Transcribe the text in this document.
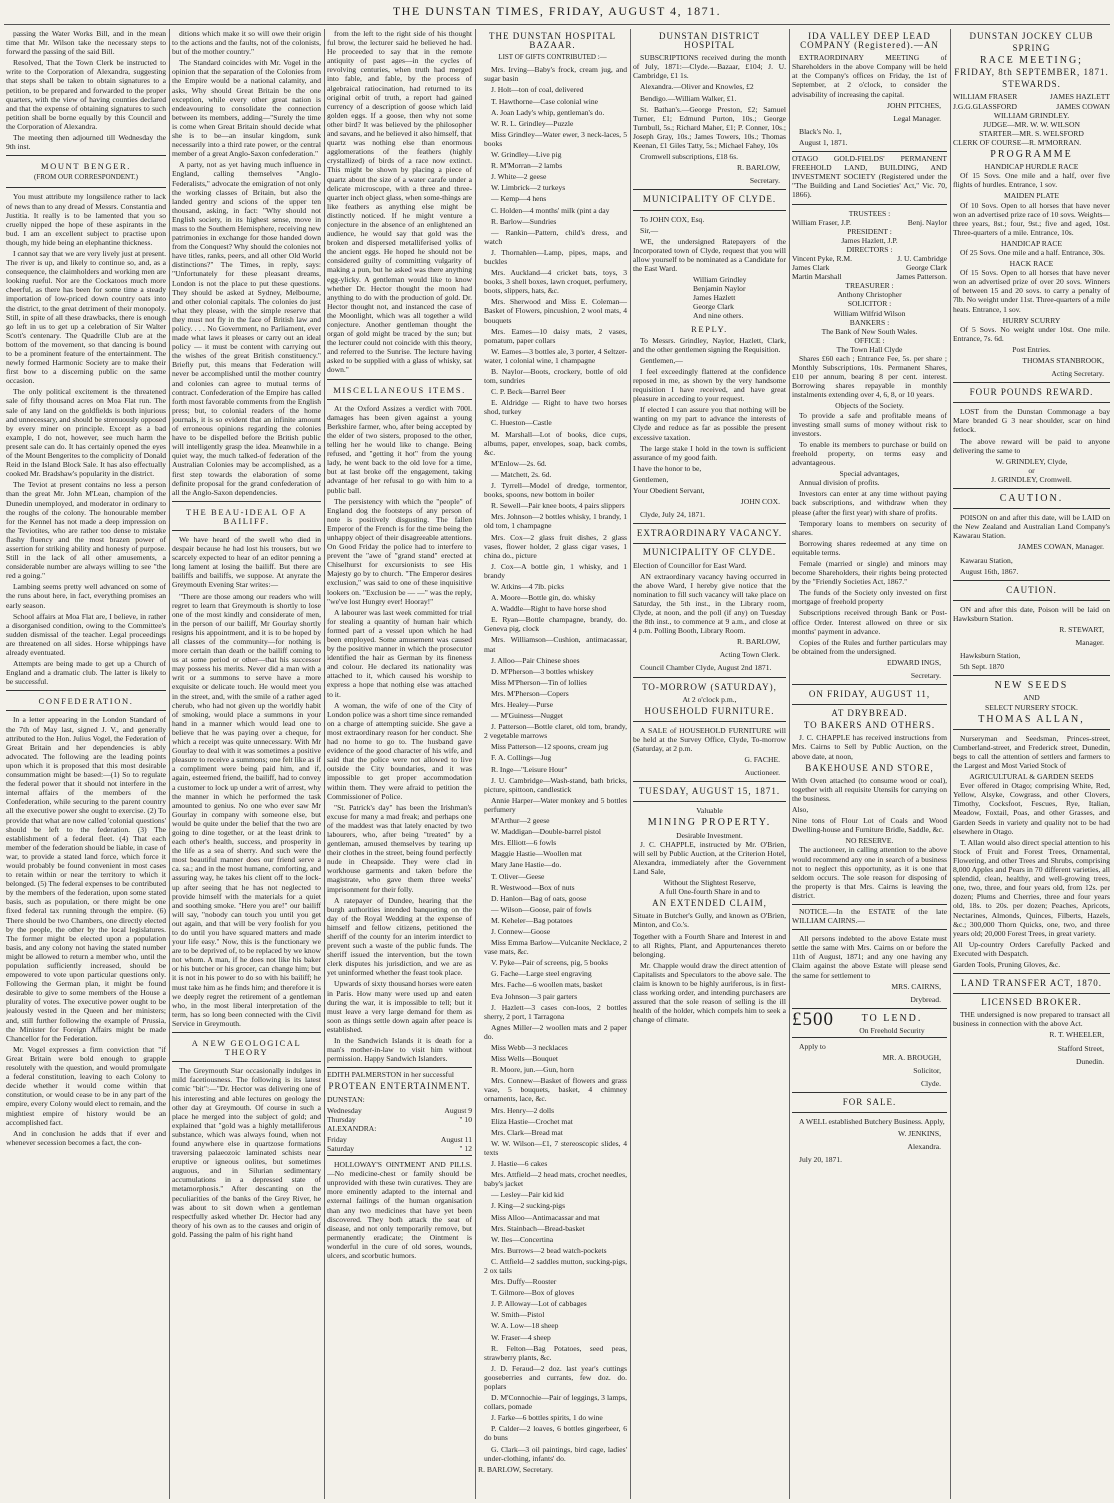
THE DUNSTAN TIMES, FRIDAY, AUGUST 4, 1871.

passing the Water Works Bill, and in the mean time that Mr. Wilson take the necessary steps to forward the passing of the said Bill.

Resolved, That the Town Clerk be instructed to write to the Corporation of Alexandra, suggesting that steps shall be taken to obtain signatures to a petition, to be prepared and forwarded to the proper quarters, with the view of having counties declared and that the expense of obtaining signatures to such petition shall be borne equally by this Council and the Corporation of Alexandra.

The meeting then adjourned till Wednesday the 9th inst.

MOUNT BENGER.
(FROM OUR CORRESPONDENT.)

You must attribute my longsilence rather to lack of news than to any dread of Messrs. Constantia and Justitia. It really is to be lamented that you so cruelly nipped the hope of these aspirants in the bud. I am an excellent subject to practise upon though, my hide being an elephantine thickness.

I cannot say that we are very lively just at present. The river is up, and likely to continue so, and, as a consequence, the claimholders and working men are looking rueful. Nor are the Cockatoos much more cheerful, as there has been for some time a steady importation of low-priced down country oats into the district, to the great detriment of their monopoly. Still, in spite of all these drawbacks, there is enough go left in us to get up a celebration of Sir Walter Scott's centenary. The Quadrille Club are at the bottom of the movement, so that dancing is bound to be a prominent feature of the entertainment. The newly formed Harmonic Society are to make their first bow to a discerning public on the same occasion.

The only political excitement is the threatened sale of fifty thousand acres on Moa Flat run. The sale of any land on the goldfields is both injurious and unnecessary, and should be strenuously opposed by every miner on principle. Except as a bad example, I do not, however, see much harm the present sale can do. It has certainly opened the eyes of the Mount Bengerites to the complicity of Donald Reid in the Island Block Sale. It has also effectually cooked Mr. Bradshaw's popularity in the district.

The Teviot at present contains no less a person than the great Mr. John M'Lean, champion of the Dunedin unemployed, and moderator in ordinary to the roughs of the colony. The honourable member for the Kennel has not made a deep impression on the Teviotites, who are rather too dense to mistake flashy fluency and the most brazen power of assertion for striking ability and honesty of purpose. Still in the lack of all other amusements, a considerable number are always willing to see "the red a going."

Lambing seems pretty well advanced on some of the runs about here, in fact, everything promises an early season.

School affairs at Moa Flat are, I believe, in rather a disorganised condition, owing to the Committee's sudden dismissal of the teacher. Legal proceedings are threatened on all sides. Horse whippings have already eventuated.

Attempts are being made to get up a Church of England and a dramatic club. The latter is likely to be successful.

CONFEDERATION.

In a letter appearing in the London Standard of the 7th of May last, signed J. V., and generally attributed to the Hon. Julius Vogel, the Federation of Great Britain and her dependencies is ably advocated. The following are the leading points upon which it is proposed that this most desirable consummation might be based:—(1) So to regulate the federal power that it should not interfere in the internal affairs of the members of the Confederation, while securing to the parent country all the executive power she ought to exercise. (2) To provide that what are now called 'colonial questions' should be left to the federation. (3) The establishment of a federal fleet. (4) That each member of the federation should be liable, in case of war, to provide a stated land force, which force it would probably be found convenient in most cases to retain within or near the territory to which it belonged. (5) The federal expenses to be contributed by the members of the federation, upon some stated basis, such as population, or there might be one fixed federal tax running through the empire. (6) There should be two Chambers, one directly elected by the people, the other by the local legislatures. The former might be elected upon a population basis, and any colony not having the stated number might be allowed to return a member who, until the population sufficiently increased, should be empowered to vote upon particular questions only. Following the German plan, it might be found desirable to give to some members of the House a plurality of votes. The executive power ought to be jealously vested in the Queen and her ministers; and, still further following the example of Prussia, the Minister for Foreign Affairs might be made Chancellor for the Federation.

Mr. Vogel expresses a firm conviction that "if Great Britain were bold enough to grapple resolutely with the question, and would promulgate a federal constitution, leaving to each Colony to decide whether it would come within that constitution, or would cease to be in any part of the empire, every Colony would elect to remain, and the mightiest empire of history would be an accomplished fact.

And in conclusion he adds that if ever and whenever secession becomes a fact, the con-

ditions which make it so will owe their origin to the actions and the faults, not of the colonists, but of the mother country."

The Standard coincides with Mr. Vogel in the opinion that the separation of the Colonies from the Empire would be a national calamity, and asks, Why should Great Britain be the one exception, while every other great nation is endeavouring to consolidate the connection between its members, adding—"Surely the time is come when Great Britain should decide what she is to be—an insular kingdom, sunk necessarily into a third rate power, or the central member of a great Anglo-Saxon confederation."

A party, not as yet having much influence in England, calling themselves "Anglo-Federalists," advocate the emigration of not only the working classes of Britain, but also the landed gentry and scions of the upper ten thousand, asking, in fact: "Why should not English society, in its highest sense, move in mass to the Southern Hemisphere, receiving new patrimonies in exchange for those handed down from the Conquest? Why should the colonies not have titles, ranks, peers, and all other Old World distinctions?" The Times, in reply, says: "Unfortunately for these pleasant dreams, London is not the place to put these questions. They should be asked at Sydney, Melbourne, and other colonial capitals. The colonies do just what they please, with the simple reserve that they must not fly in the face of British law and policy. . . . No Government, no Parliament, ever made what laws it pleases or carry out an ideal policy — it must be content with carrying out the wishes of the great British constituency." Briefly put, this means that Federation will never be accomplished until the mother country and colonies can agree to mutual terms of contract. Confederation of the Empire has called forth most favorable comments from the English press; but, to colonial readers of the home journals, it is so evident that an infinite amount of erroneous opinions regarding the colonies have to be dispelled before the British public will intelligently grasp the idea. Meanwhile in a quiet way, the much talked-of federation of the Australian Colonies may be accomplished, as a first step towards the elaboration of some definite proposal for the grand confederation of all the Anglo-Saxon dependencies.

THE BEAU-IDEAL OF A BAILIFF.

We have heard of the swell who died in despair because he had lost his trousers, but we scarcely expected to hear of an editor penning a long lament at losing the bailiff. But there are bailiffs and bailiffs, we suppose. At anyrate the Greymouth Evening Star writes:—

"There are those among our readers who will regret to learn that Greymouth is shortly to lose one of the most kindly and considerate of men, in the person of our bailiff, Mr Gourlay shortly resigns his appointment, and it is to be hoped by all classes of the community—for nothing is more certain than death or the bailiff coming to us at some period or other—that his successor may possess his merits. Never did a man with a writ or a summons to serve have a more exquisite or delicate touch. He would meet you in the street, and, with the smile of a rather aged cherub, who had not given up the worldly habit of smoking, would place a summons in your hand in a manner which would lead one to believe that he was paying over a cheque, for which a receipt was quite unnecessary. With Mr Gourlay to deal with it was sometimes a positive pleasure to receive a summons; one felt like as if a compliment were being paid him, and if, again, esteemed friend, the bailiff, had to convey a customer to lock up under a writ of arrest, why the manner in which he performed the task amounted to genius. No one who ever saw Mr Gourlay in company with someone else, but would be quite under the belief that the two are going to dine together, or at the least drink to each other's health, success, and prosperity in the life as a sea of sherry. And such were the most beautiful manner does our friend serve a ca. sa.; and in the most humane, comforting, and assuring way, he takes his client off to the lock-up after seeing that he has not neglected to provide himself with the materials for a quiet and soothing smoke. "Here you are!" our bailiff will say, "nobody can touch you until you get out again, and that will be very foolish for you to do until you have squared matters and made your life easy." Now, this is the functionary we are to be deprived of, to be replaced by we know not whom. A man, if he does not like his baker or his butcher or his grocer, can change him; but it is not in his power to do so with his bailiff; he must take him as he finds him; and therefore it is we deeply regret the retirement of a gentleman who, in the most liberal interpretation of the term, has so long been connected with the Civil Service in Greymouth.

A NEW GEOLOGICAL THEORY

The Greymouth Star occasionally indulges in mild facetiousness. The following is its latest comic "bit":—"Dr. Hector was delivering one of his interesting and able lectures on geology the other day at Greymouth. Of course in such a place he merged into the subject of gold; and explained that "gold was a highly metalliferous substance, which was always found, when not found anywhere else in quartzose formations traversing palaeozoic laminated schists near eruptive or igneous oolites, but sometimes auguous, and in Silurian sedimentary accumulations in a depressed state of metamorphosis." After descanting on the peculiarities of the banks of the Grey River, he was about to sit down when a gentleman respectfully asked whether Dr. Hector had any theory of his own as to the causes and origin of gold. Passing the palm of his right hand

from the left to the right side of his thought ful brow, the lecturer said he believed he had. He proceeded to say that in the remote antiquity of past ages—in the cycles of revolving centuries, when truth had merged into fable, and fable, by the process of algebraical ratiocination, had returned to its original orbit of truth, a report had gained currency of a description of goose which laid golden eggs. If a goose, then why not some other bird? It was believed by the philosopher and savans, and he believed it also himself, that quartz was nothing else than enormous agglomerations of the feathers (highly crystallized) of birds of a race now extinct. This might be shown by placing a piece of quartz about the size of a water carafe under a delicate microscope, with a three and three-quarter inch object glass, when some-things are like feathers as anything else might be distinctly noticed. If he might venture a conjecture in the absence of an enlightened an audience, he would say that gold was the broken and dispersed metalliferised yolks of the ancient eggs. He hoped he should not be considered guilty of committing vulgarity of making a pun, but he asked was there anything egg-ylicky. A gentleman would like to know whether Dr. Hector thought the moon had anything to do with the production of gold. Dr. Hector thought not, and instanced the case of the Moonlight, which was all together a wild conjecture. Another gentleman thought the organ of gold might be traced by the sun; but the lecturer could not coincide with this theory, and referred to the Sunrise. The lecture having asked to be supplied with a glass of whisky, sat down."

MISCELLANEOUS ITEMS.

At the Oxford Assizes a verdict with 700l. damages has been given against a young Berkshire farmer, who, after being accepted by the elder of two sisters, proposed to the other, telling her he would like to change. Being refused, and "getting it hot" from the young lady, he went back to the old love for a time, but at last broke off the engagement, taking advantage of her refusal to go with him to a public ball.

The persistency with which the "people" of England dog the footsteps of any person of note is positively disgusting. The fallen Emperor of the French is for the time being the unhappy object of their disagreeable attentions. On Good Friday the police had to interfere to prevent the "awe of "grand stand" erected at Chiselhurst for excursionists to see His Majesty go by to church. "The Emperor desires exclusion," was said to one of these inquisitive lookers on. "Exclusion be — —" was the reply, "we've lost Hungry ever! Hooray!"

A labourer was last week committed for trial for stealing a quantity of human hair which formed part of a vessel upon which he had been employed. Some amusement was caused by the positive manner in which the prosecutor identified the hair as German by its fineness and colour. He declared its nationality was attached to it, which caused his worship to express a hope that nothing else was attached to it.

A woman, the wife of one of the City of London police was a short time since remanded on a charge of attempting suicide. She gave a most extraordinary reason for her conduct. She had no home to go to. The husband gave evidence of the good character of his wife, and said that the police were not allowed to live outside the City boundaries, and it was impossible to get proper accommodation within them. They were afraid to petition the Commissioner of Police.

"St. Patrick's day" has been the Irishman's excuse for many a mad freak; and perhaps one of the maddest was that lately enacted by two labourers, who, after being "treated" by a gentleman, amused themselves by tearing up their clothes in the street, being found perfectly nude in Cheapside. They were clad in workhouse garments and taken before the magistrate, who gave them three weeks' imprisonment for their folly.

A ratepayer of Dundee, hearing that the burgh authorities intended banqueting on the day of the Royal Wedding at the expense of himself and fellow citizens, petitioned the sheriff of the county for an interim interdict to prevent such a waste of the public funds. The sheriff issued the intervention, but the town clerk disputes his jurisdiction, and we are as yet uninformed whether the feast took place.

Upwards of sixty thousand horses were eaten in Paris. How many were used up and eaten during the war, it is impossible to tell; but it must leave a very large demand for them as soon as things settle down again after peace is established.

In the Sandwich Islands it is death for a man's mother-in-law to visit him without permission. Happy Sandwich Islanders.

EDITH PALMERSTON in her successful

PROTEAN ENTERTAINMENT.

DUNSTAN:

Wednesday	August 9
Thursday	" 10

ALEXANDRA:

Friday	August 11
Saturday	" 12

HOLLOWAY'S OINTMENT AND PILLS.—No medicine-chest or family should be unprovided with these twin curatives. They are more eminently adapted to the internal and external failings of the human organisation than any two medicines that have yet been discovered. They both attack the seat of disease, and not only temporarily remove, but permanently eradicate; the Ointment is wonderful in the cure of old sores, wounds, ulcers, and scorbutic humors.

THE DUNSTAN HOSPITAL BAZAAR.
LIST OF GIFTS CONTRIBUTED :—

Mrs. Irving—Baby's frock, cream jug, and sugar basin

J. Holt—ton of coal, delivered

T. Hawthorne—Case colonial wine

A. Joan Lady's whip, gentleman's do.

W. R. L. Grindley—Puzzle

Miss Grindley—Water ewer, 3 neck-laces, 5 books

W. Grindley—Live pig

R. M'Morran—2 lambs

J. White—2 geese

W. Limbrick—2 turkeys

— Kemp—4 hens

C. Holden—4 months' milk (pint a day

R. Barlow—Sundries

— Rankin—Pattern, child's dress, and watch

J. Thornahlen—Lamp, pipes, maps, and buckles

Mrs. Auckland—4 cricket bats, toys, 3 books, 3 shell boxes, lawn croquet, perfumery, boots, slippers, hats, &c.

Mrs. Sherwood and Miss E. Coleman—Basket of Flowers, pincushion, 2 wool mats, 4 bouquets

Mrs. Eames—10 daisy mats, 2 vases, pomatum, paper collars

W. Eames—3 bottles ale, 3 porter, 4 Seltzer-water, 1 colonial wine, 1 champagne

B. Naylor—Boots, crockery, bottle of old tom, sundries

C. P. Beck—Barrel Beer

E. Aldridge — Right to have two horses shod, turkey

C. Hueston—Castle

M. Marshall—Lot of books, dice cups, albums, paper, envelopes, soap, back combs, &c.

M'Enlow—2s. 6d.

— Matchett, 2s. 6d.

J. Tyrrell—Model of dredge, tormentor, books, spoons, new bottom in boiler

R. Sewell—Pair knee boots, 4 pairs slippers

Mrs. Johnson—2 bottles whisky, 1 brandy, 1 old tom, 1 champagne

Mrs. Cox—2 glass fruit dishes, 2 glass vases, flower holder, 2 glass cigar vases, 1 china do., picture

J. Cox—A bottle gin, 1 whisky, and 1 brandy

W. Atkins—4 7lb. picks

A. Moore—Bottle gin, do. whisky

A. Waddle—Right to have horse shod

E. Ryan—Bottle champagne, brandy, do. Geneva pig, clock

Mrs. Williamson—Cushion, antimacassar, mat

J. Alloo—Pair Chinese shoes

D. M'Pherson—3 bottles whiskey

Miss M'Pherson—Tin of lollies

Mrs. M'Pherson—Copers

Mrs. Healey—Purse

— M'Guiness—Nugget

J. Patterson—Bottle claret, old tom, brandy, 2 vegetable marrows

Miss Patterson—12 spoons, cream jug

F. A. Collings—Jug

R. Inge—"Leisure Hour"

J. U. Cambridge—Wash-stand, bath bricks, picture, spittoon, candlestick

Annie Harper—Water monkey and 5 bottles perfumery

M'Arthur—2 geese

W. Maddigan—Double-barrel pistol

Mrs. Elliott—6 fowls

Maggie Hastie—Woollen mat

Mary Jane Hastie—do.

T. Oliver—Geese

R. Westwood—Box of nuts

D. Hanlon—Bag of oats, goose

— Wilson—Goose, pair of fowls

M. Keheler—Bag potatoes

J. Connew—Goose

Miss Emma Barlow—Vulcanite Necklace, 2 vase mats, &c.

V. Pyke—Pair of screens, pig, 5 books

G. Fache—Large steel engraving

Mrs. Fache—6 woollen mats, basket

Eva Johnson—3 pair garters

J. Hazlett—3 cases con-loos, 2 bottles sherry, 2 port, 1 Tarragona

Agnes Miller—2 woollen mats and 2 paper do.

Miss Webb—3 necklaces

Miss Wells—Bouquet

R. Moore, jun.—Gun, horn

Mrs. Connew—Basket of flowers and grass vase, 5 bouquets, basket, 4 chimney ornaments, lace, &c.

Mrs. Henry—2 dolls

Eliza Hastie—Crochet mat

Mrs. Clark—Bread mat

W. W. Wilson—£1, 7 stereoscopic slides, 4 texts

J. Hastie—6 cakes

Mrs. Attfield—2 head mats, crochet needles, baby's jacket

— Lesley—Pair kid kid

J. King—2 sucking-pigs

Miss Alloo—Antimacassar and mat

Mrs. Stainbach—Bread-basket

W. Iles—Concertina

Mrs. Burrows—2 bead watch-pockets

C. Attfield—2 saddles mutton, sucking-pigs, 2 ox tails

Mrs. Duffy—Rooster

T. Gilmore—Box of gloves

J. P. Alloway—Lot of cabbages

W. Smith—Pistol

W. A. Low—18 sheep

W. Fraser—4 sheep

R. Felton—Bag Potatoes, seed peas, strawberry plants, &c.

J. D. Feraud—2 doz. last year's cuttings gooseberries and currants, few doz. do. poplars

D. M'Connochie—Pair of leggings, 3 lamps, collars, pomade

J. Farke—6 bottles spirits, 1 do wine

P. Calder—2 loaves, 6 bottles gingerbeer, 6 do buns

G. Clark—3 oil paintings, bird cage, ladies' under-clothing, infants' do.

R. BARLOW, Secretary.

DUNSTAN DISTRICT HOSPITAL

SUBSCRIPTIONS received during the month of July, 1871:—Clyde.—Bazaar, £104; J. U. Cambridge, £1 1s.

Alexandra.—Oliver and Knowles, £2

Bendigo.—William Walker, £1.

St. Bathan's.—George Preston, £2; Samuel Turner, £1; Edmund Purton, 10s.; George Turnbull, 5s.; Richard Maher, £1; P. Conner, 10s.; Joseph Gray, 10s.; James Towers, 10s.; Thomas Keenan, £1 Giles Tatty, 5s.; Michael Fahey, 10s

Cromwell subscriptions, £18 6s.

R. BARLOW,
Secretary.
MUNICIPALITY OF CLYDE.

To JOHN COX, Esq.

Sir,—

WE, the undersigned Ratepayers of the Incorporated town of Clyde, request that you will allow yourself to be nominated as a Candidate for the East Ward.

William Grindley
Benjamin Naylor
James Hazlett
George Clark
And nine others.
REPLY.

To Messrs. Grindley, Naylor, Hazlett, Clark, and the other gentlemen signing the Requisition.

Gentlemen,—

I feel exceedingly flattered at the confidence reposed in me, as shown by the very handsome requisition I have received, and have great pleasure in acceding to your request.

If elected I can assure you that nothing will be wanting on my part to advance the interests of Clyde and reduce as far as possible the present excessive taxation.

The large stake I hold in the town is sufficient assurance of my good faith.

I have the honor to be,

Gentlemen,

Your Obedient Servant,

JOHN COX.

Clyde, July 24, 1871.

EXTRAORDINARY VACANCY.
MUNICIPALITY OF CLYDE.

Election of Councillor for East Ward.

AN extraordinary vacancy having occurred in the above Ward, I hereby give notice that the nomination to fill such vacancy will take place on Saturday, the 5th inst., in the Library room, Clyde, at noon, and the poll (if any) on Tuesday the 8th inst., to commence at 9 a.m., and close at 4 p.m. Polling Booth, Library Room.

R. BARLOW,
Acting Town Clerk.

Council Chamber Clyde, August 2nd 1871.

TO-MORROW (SATURDAY),
At 2 o'clock p.m.,
HOUSEHOLD FURNITURE.

A SALE of HOUSEHOLD FURNITURE will be held at the Survey Office, Clyde, To-morrow (Saturday, at 2 p.m.

G. FACHE.
Auctioneer.
TUESDAY, AUGUST 15, 1871.
Valuable
MINING PROPERTY.
Desirable Investment.

J. C. CHAPPLE, instructed by Mr. O'Brien, will sell by Public Auction, at the Criterion Hotel, Alexandra, immediately after the Government Land Sale,

Without the Slightest Reserve,
A full One-fourth Share in and to
AN EXTENDED CLAIM,

Situate in Butcher's Gully, and known as O'Brien, Minton, and Co.'s.

Together with a Fourth Share and Interest in and to all Rights, Plant, and Appurtenances thereto belonging.

Mr. Chapple would draw the direct attention of Capitalists and Speculators to the above sale. The claim is known to be highly auriferous, is in first-class working order, and intending purchasers are assured that the sole reason of selling is the ill health of the holder, which compels him to seek a change of climate.

IDA VALLEY DEEP LEAD COMPANY (Registered).—AN

EXTRAORDINARY MEETING of Shareholders in the above Company will be held at the Company's offices on Friday, the 1st of September, at 2 o'clock, to consider the advisability of increasing the capital.

JOHN PITCHES,
Legal Manager.

Black's No. 1,

August 1, 1871.

OTAGO GOLD-FIELDS' PERMANENT FREEHOLD LAND, BUILDING, AND INVESTMENT SOCIETY (Registered under the "The Building and Land Societies' Act," Vic. 70, 1866).

TRUSTEES :
William Fraser, J.P.	Benj. Naylor
PRESIDENT :
James Hazlett, J.P.
DIRECTORS :
Vincent Pyke, R.M.	J. U. Cambridge
James Clark	George Clark
Martin Marshall	James Patterson.
TREASURER :
Anthony Christopher
SOLICITOR :
William Wilfrid Wilson
BANKERS :
The Bank of New South Wales.
OFFICE :
The Town Hall Clyde

Shares £60 each ; Entrance Fee, 5s. per share ; Monthly Subscriptions, 10s. Permanent Shares, £10 per annum, bearing 8 per cent. interest. Borrowing shares repayable in monthly instalments extending over 4, 6, 8, or 10 years.

Objects of the Society.

To provide a safe and profitable means of investing small sums of money without risk to investors.

To enable its members to purchase or build on freehold property, on terms easy and advantageous.

Special advantages,

Annual division of profits.

Investors can enter at any time without paying back subscriptions, and withdraw when they please (after the first year) with share of profits.

Temporary loans to members on security of shares.

Borrowing shares redeemed at any time on equitable terms.

Female (married or single) and minors may become Shareholders, their rights being protected by the "Friendly Societies Act, 1867."

The funds of the Society only invested on first mortgage of freehold property

Subscriptions received through Bank or Post-office Order. Interest allowed on three or six months' payment in advance.

Copies of the Rules and further particulars may be obtained from the undersigned.

EDWARD INGS,
Secretary.
ON FRIDAY, AUGUST 11,
AT DRYBREAD.
TO BAKERS AND OTHERS.

J. C. CHAPPLE has received instructions from Mrs. Cairns to Sell by Public Auction, on the above date, at noon,

BAKEHOUSE AND STORE,

With Oven attached (to consume wood or coal), together with all requisite Utensils for carrying on the business.

Also,

Nine tons of Flour Lot of Coals and Wood Dwelling-house and Furniture Bridle, Saddle, &c.

NO RESERVE.

The auctioneer, in calling attention to the above would recommend any one in search of a business not to neglect this opportunity, as it is one that seldom occurs. The sole reason for disposing of the property is that Mrs. Cairns is leaving the district.

NOTICE.—In the ESTATE of the late WILLIAM CAIRNS.—

All persons indebted to the above Estate must settle the same with Mrs. Cairns on or before the 11th of August, 1871; and any one having any Claim against the above Estate will please send the same for settlement to

MRS. CAIRNS,
Drybread.
£500	TO LEND.
On Freehold Security

Apply to

MR. A. BROUGH,
Solicitor,
Clyde.
FOR SALE.

A WELL established Butchery Business. Apply,

W. JENKINS,
Alexandra.

July 20, 1871.

DUNSTAN JOCKEY CLUB
SPRING
RACE MEETING;
FRIDAY, 8th SEPTEMBER, 1871.
STEWARDS.
WILLIAM FRASER	JAMES HAZLETT
J.G.G.GLASSFORD	JAMES COWAN
WILLIAM GRINDLEY.
JUDGE—MR. W. W. WILSON
STARTER—MR. S. WELSFORD
CLERK OF COURSE—R. M'MORRAN.
PROGRAMME
HANDICAP HURDLE RACE

Of 15 Sovs. One mile and a half, over five flights of hurdles. Entrance, 1 sov.

MAIDEN PLATE

Of 10 Sovs. Open to all horses that have never won an advertised prize race of 10 sovs. Weights—three years, 8st.; four, 9st.; five and aged, 10st. Three-quarters of a mile. Entrance, 10s.

HANDICAP RACE

Of 25 Sovs. One mile and a half. Entrance, 30s.

HACK RACE

Of 15 Sovs. Open to all horses that have never won an advertised prize of over 20 sovs. Winners of between 15 and 20 sovs. to carry a penalty of 7lb. No weight under 11st. Three-quarters of a mile heats. Entrance, 1 sov.

HURRY SCURRY

Of 5 Sovs. No weight under 10st. One mile. Entrance, 7s. 6d.

Post Entries.
THOMAS STANBROOK,
Acting Secretary.
FOUR POUNDS REWARD.

LOST from the Dunstan Commonage a bay Mare branded G 3 near shoulder, scar on hind fetlock.

The above reward will be paid to anyone delivering the same to

W. GRINDLEY, Clyde,
or
J. GRINDLEY, Cromwell.
CAUTION.

POISON on and after this date, will be LAID on the New Zealand and Australian Land Company's Kawarau Station.

JAMES COWAN, Manager.

Kawarau Station,

August 16th, 1867.

CAUTION.

ON and after this date, Poison will be laid on Hawksburn Station.

R. STEWART,
Manager.

Hawksburn Station,

5th Sept. 1870

NEW SEEDS
AND
SELECT NURSERY STOCK.
THOMAS ALLAN,

Nurseryman and Seedsman, Princes-street, Cumberland-street, and Frederick street, Dunedin, begs to call the attention of settlers and farmers to the Largest and Most Varied Stock of

AGRICULTURAL & GARDEN SEEDS

Ever offered in Otago; comprising White, Red, Yellow, Alsyke, Cowgrass, and other Clovers, Timothy, Cocksfoot, Fescues, Rye, Italian, Meadow, Foxtail, Poas, and other Grasses, and Garden Seeds in variety and quality not to be had elsewhere in Otago.

T. Allan would also direct special attention to his Stock of Fruit and Forest Trees, Ornamental, Flowering, and other Trees and Shrubs, comprising 8,000 Apples and Pears in 70 different varieties, all splendid, clean, healthy, and well-growing trees, one, two, three, and four years old, from 12s. per dozen; Plums and Cherries, three and four years old, 18s. to 20s. per dozen; Peaches, Apricots, Nectarines, Almonds, Quinces, Filberts, Hazels, &c.; 300,000 Thorn Quicks, one, two, and three years old; 20,000 Forest Trees, in great variety.

All Up-country Orders Carefully Packed and Executed with Despatch.

Garden Tools, Pruning Gloves, &c.

LAND TRANSFER ACT, 1870.
LICENSED BROKER.

THE undersigned is now prepared to transact all business in connection with the above Act.

R. T. WHEELER,
Stafford Street,
Dunedin.
